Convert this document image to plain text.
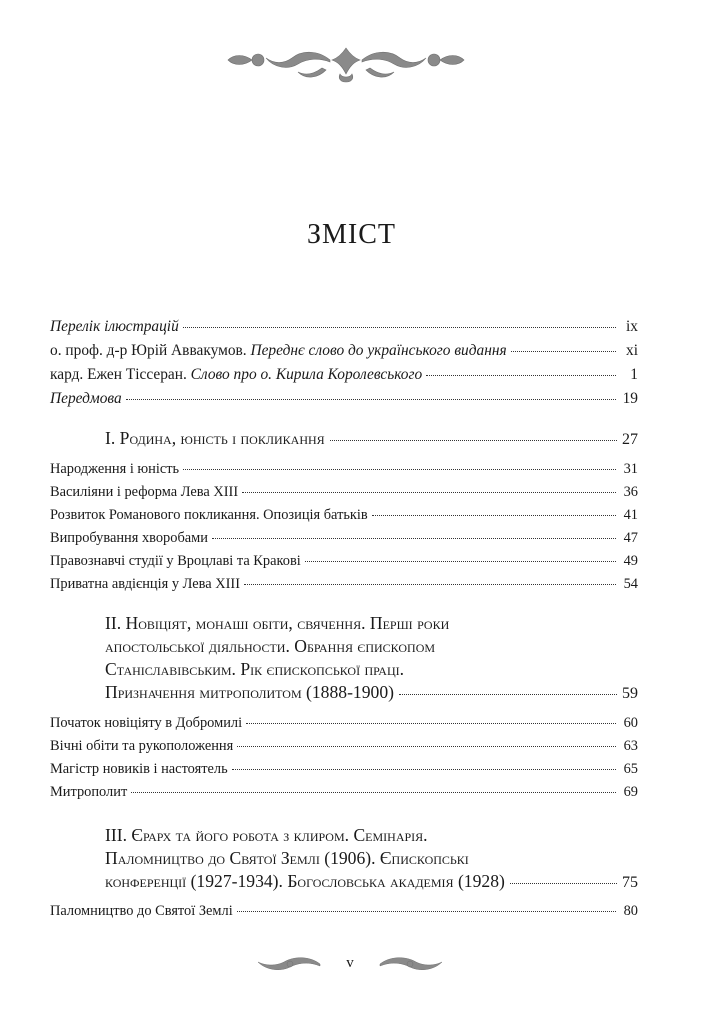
ЗМІСТ
Перелік ілюстрацій	ix
о. проф. д-р Юрій Аввакумов. Переднє слово до українського видання	xi
кард. Ежен Тіссеран. Слово про о. Кирила Королевського	1
Передмова	19
I. Родина, юність і покликання	27
Народження і юність	31
Василіяни і реформа Лева XIII	36
Розвиток Романового покликання. Опозиція батьків	41
Випробування хворобами	47
Правознавчі студії у Вроцлаві та Кракові	49
Приватна авдієнція у Лева XIII	54
II. Новіціят, монаші обіти, свячення. Перші роки
апостольської діяльности. Обрання єпископом
Станіславівським. Рік єпископської праці.
Призначення митрополитом (1888-1900)	59
Початок новіціяту в Добромилі	60
Вічні обіти та рукоположення	63
Магістр новиків і настоятель	65
Митрополит	69
III. Єрарх та його робота з клиром. Семінарія.
Паломництво до Святої Землі (1906). Єпископські
конференції (1927-1934). Богословська академія (1928)	75
Паломництво до Святої Землі	80
v
